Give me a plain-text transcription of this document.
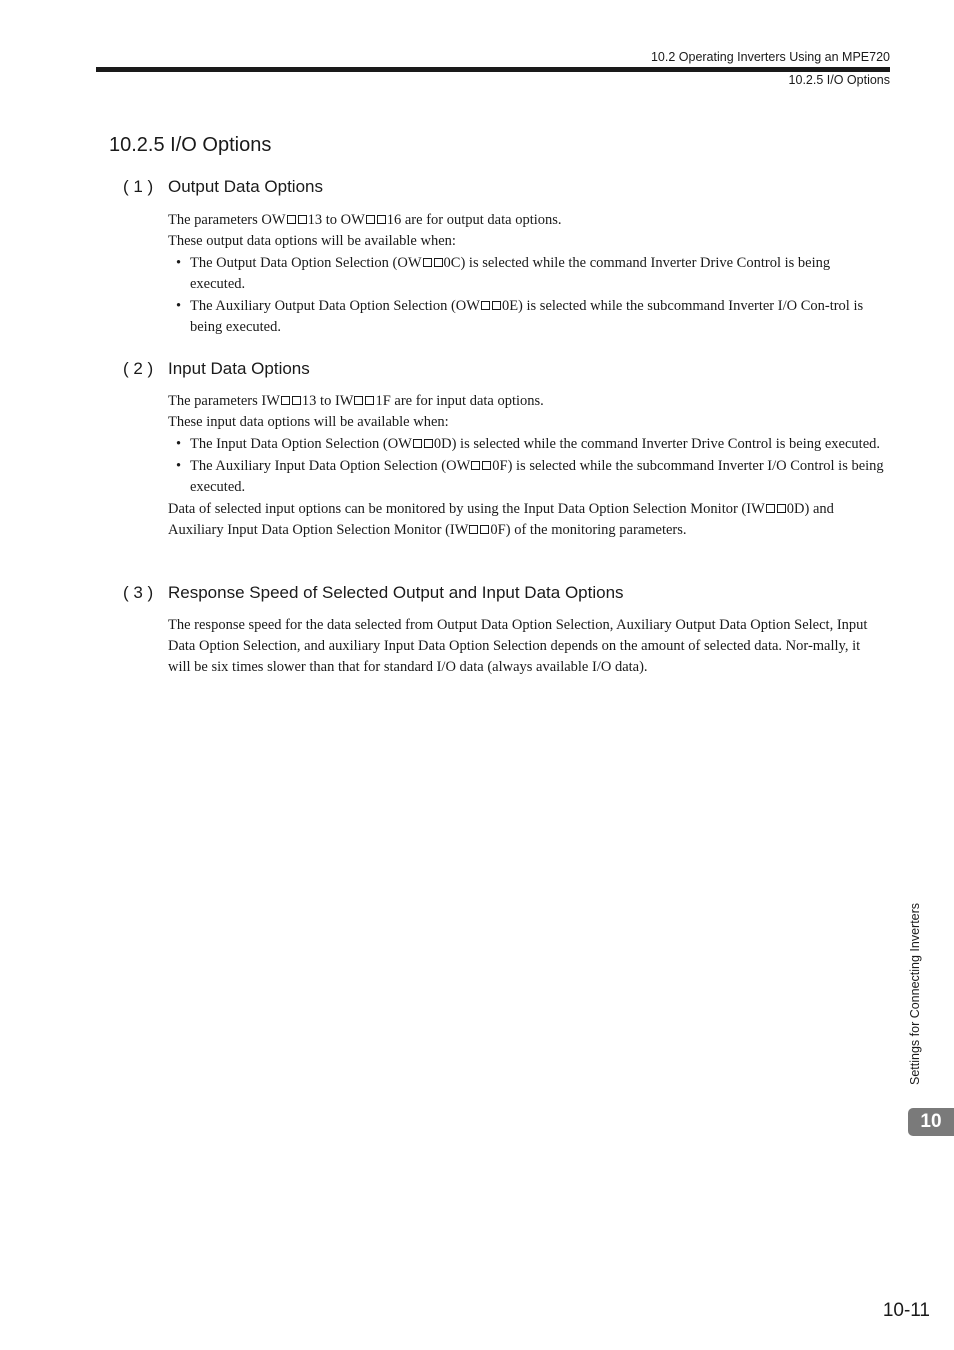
10.2 Operating Inverters Using an MPE720
10.2.5 I/O Options
10.2.5 I/O Options
( 1 ) Output Data Options

The parameters OW 13 to OW 16 are for output data options.

These output data options will be available when:

• The Output Data Option Selection (OW 0C) is selected while the command Inverter Drive Control is being executed.
• The Auxiliary Output Data Option Selection (OW 0E) is selected while the subcommand Inverter I/O Con-trol is being executed.
( 2 ) Input Data Options

The parameters IW 13 to IW 1F are for input data options.

These input data options will be available when:

• The Input Data Option Selection (OW 0D) is selected while the command Inverter Drive Control is being executed.
• The Auxiliary Input Data Option Selection (OW 0F) is selected while the subcommand Inverter I/O Control is being executed.

Data of selected input options can be monitored by using the Input Data Option Selection Monitor (IW 0D) and Auxiliary Input Data Option Selection Monitor (IW 0F) of the monitoring parameters.

( 3 ) Response Speed of Selected Output and Input Data Options

The response speed for the data selected from Output Data Option Selection, Auxiliary Output Data Option Select, Input Data Option Selection, and auxiliary Input Data Option Selection depends on the amount of selected data. Nor-mally, it will be six times slower than that for standard I/O data (always available I/O data).

Settings for Connecting Inverters
10
10-11
